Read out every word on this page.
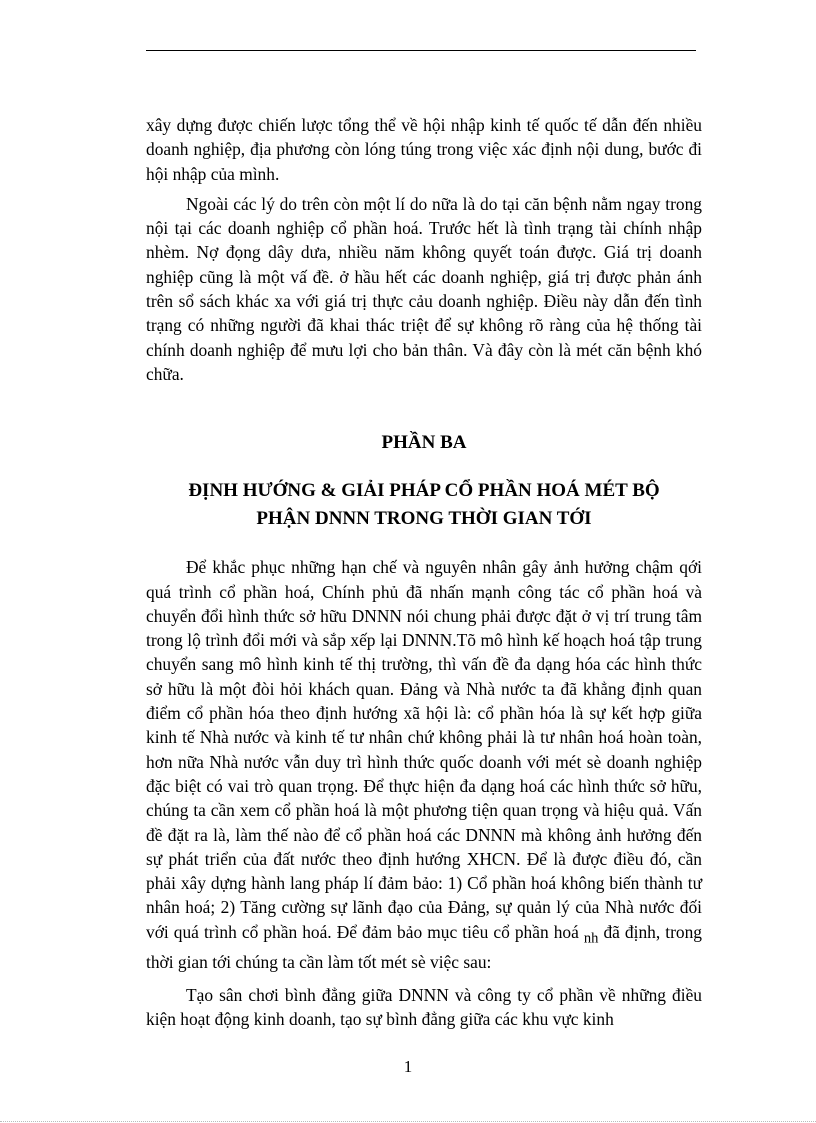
xây dựng được chiến lược tổng thể về hội nhập kinh tế quốc tế dẫn đến nhiều doanh nghiệp, địa phương còn lóng túng trong việc xác định nội dung, bước đi hội nhập của mình.

Ngoài các lý do trên còn một lí do nữa là do tại căn bệnh nằm ngay trong nội tại các doanh nghiệp cổ phần hoá. Trước hết là tình trạng tài chính nhập nhèm. Nợ đọng dây dưa, nhiều năm không quyết toán được. Giá trị doanh nghiệp cũng là một vấ đề. ở hầu hết các doanh nghiệp, giá trị được phản ánh trên sổ sách khác xa với giá trị thực cảu doanh nghiệp. Điều này dẫn đến tình trạng có những người đã khai thác triệt để sự không rõ ràng của hệ thống tài chính doanh nghiệp để mưu lợi cho bản thân. Và đây còn là mét căn bệnh khó chữa.

PHẦN BA
ĐỊNH HƯỚNG & GIẢI PHÁP CỔ PHẦN HOÁ MÉT BỘ
PHẬN DNNN TRONG THỜI GIAN TỚI

Để khắc phục những hạn chế và nguyên nhân gây ảnh hưởng chậm qới quá trình cổ phần hoá, Chính phủ đã nhấn mạnh công tác cổ phần hoá và chuyển đổi hình thức sở hữu DNNN nói chung phải được đặt ở vị trí trung tâm trong lộ trình đổi mới và sắp xếp lại DNNN.Tõ mô hình kế hoạch hoá tập trung chuyển sang mô hình kinh tế thị trường, thì vấn đề đa dạng hóa các hình thức sở hữu là một đòi hỏi khách quan. Đảng và Nhà nước ta đã khẳng định quan điểm cổ phần hóa theo định hướng xã hội là: cổ phần hóa là sự kết hợp giữa kinh tế Nhà nước và kinh tế tư nhân chứ không phải là tư nhân hoá hoàn toàn, hơn nữa Nhà nước vẫn duy trì hình thức quốc doanh với mét sè doanh nghiệp đặc biệt có vai trò quan trọng. Để thực hiện đa dạng hoá các hình thức sở hữu, chúng ta cần xem cổ phần hoá là một phương tiện quan trọng và hiệu quả. Vấn đề đặt ra là, làm thế nào để cổ phần hoá các DNNN mà không ảnh hưởng đến sự phát triển của đất nước theo định hướng XHCN. Để là được điều đó, cần phải xây dựng hành lang pháp lí đảm bảo: 1) Cổ phần hoá không biến thành tư nhân hoá; 2) Tăng cường sự lãnh đạo của Đảng, sự quản lý của Nhà nước đối với quá trình cổ phần hoá. Để đảm bảo mục tiêu cổ phần hoá $_{nh}$ đã định, trong thời gian tới chúng ta cần làm tốt mét sè việc sau:

Tạo sân chơi bình đẳng giữa DNNN và công ty cổ phần về những điều kiện hoạt động kinh doanh, tạo sự bình đẳng giữa các khu vực kinh

1
